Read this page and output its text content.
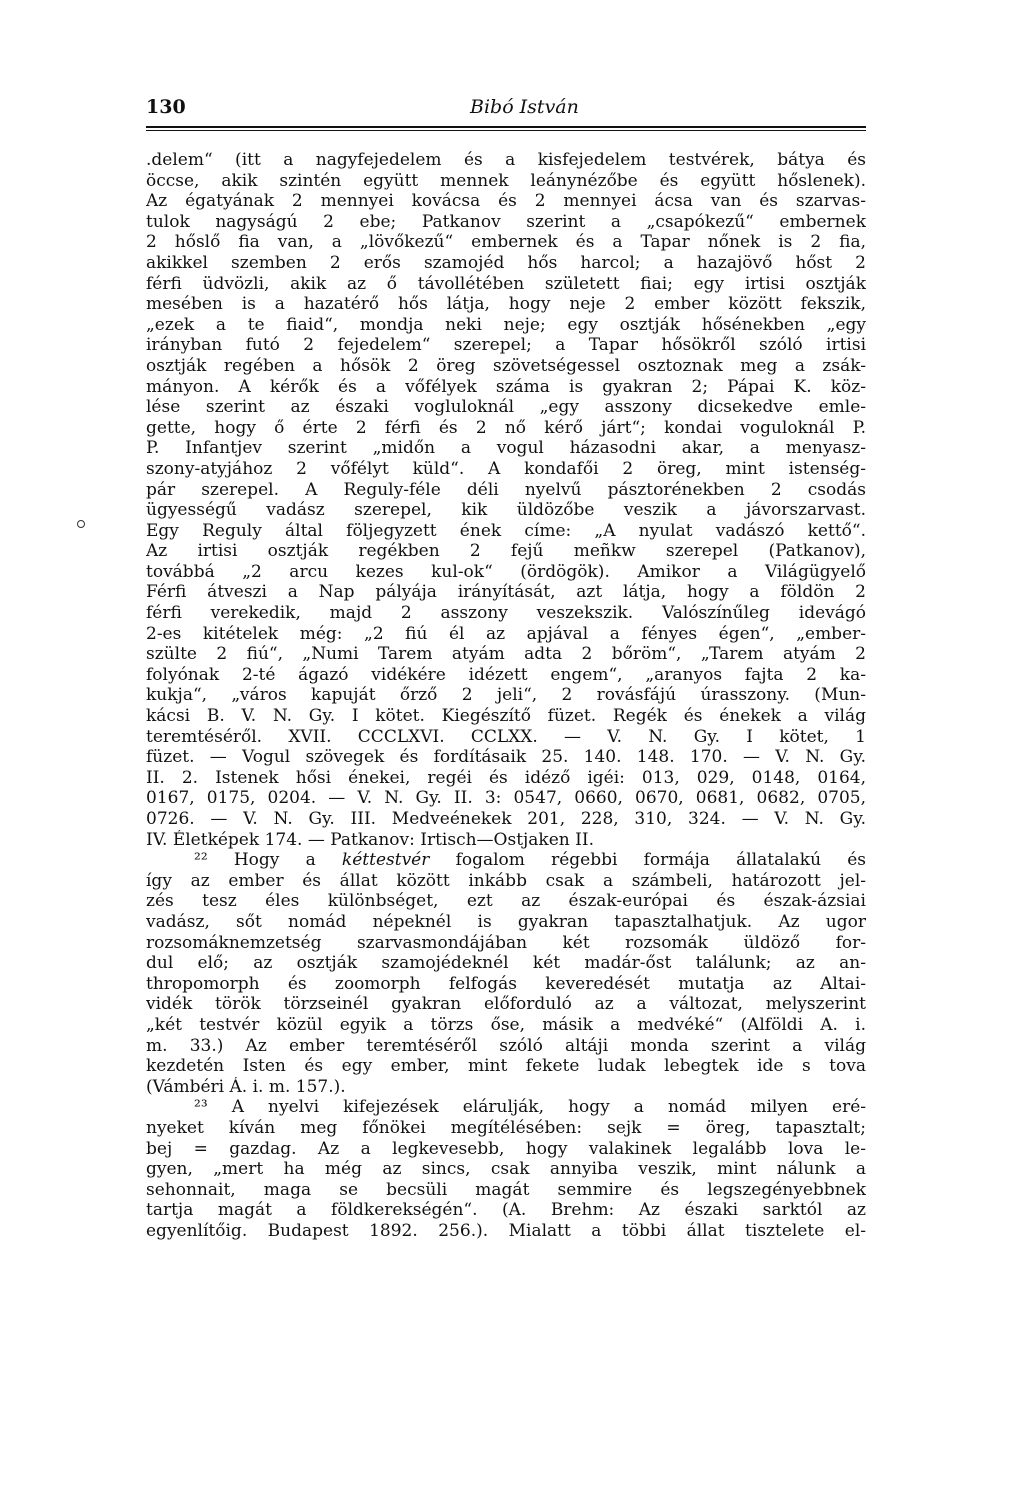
130	Bibó István
.delem“ (itt a nagyfejedelem és a kisfejedelem testvérek, bátya és
öccse, akik szintén együtt mennek leánynézőbe és együtt hőslenek).
Az égatyának 2 mennyei kovácsa és 2 mennyei ácsa van és szarvas-
tulok nagyságú 2 ebe; Patkanov szerint a „csapókezű“ embernek
2 hőslő fia van, a „lövőkezű“ embernek és a Tapar nőnek is 2 fia,
akikkel szemben 2 erős szamojéd hős harcol; a hazajövő hőst 2
férfi üdvözli, akik az ő távollétében született fiai; egy irtisi osztják
mesében is a hazatérő hős látja, hogy neje 2 ember között fekszik,
„ezek a te fiaid“, mondja neki neje; egy osztják hősénekben „egy
irányban futó 2 fejedelem“ szerepel; a Tapar hősökről szóló irtisi
osztják regében a hősök 2 öreg szövetségessel osztoznak meg a zsák-
mányon. A kérők és a vőfélyek száma is gyakran 2; Pápai K. köz-
lése szerint az északi vogluloknál „egy asszony dicsekedve emle-
gette, hogy ő érte 2 férfi és 2 nő kérő járt“; kondai voguloknál P.
P. Infantjev szerint „midőn a vogul házasodni akar, a menyasz-
szony-atyjához 2 vőfélyt küld“. A kondafői 2 öreg, mint istenség-
pár szerepel. A Reguly-féle déli nyelvű pásztorénekben 2 csodás
ügyességű vadász szerepel, kik üldözőbe veszik a jávorszarvast.
Egy Reguly által följegyzett ének címe: „A nyulat vadászó kettő“.
Az irtisi osztják regékben 2 fejű meñkw szerepel (Patkanov),
továbbá „2 arcu kezes kul-ok“ (ördögök). Amikor a Világügyelő
Férfi átveszi a Nap pályája irányítását, azt látja, hogy a földön 2
férfi verekedik, majd 2 asszony veszekszik. Valószínűleg idevágó
2-es kitételek még: „2 fiú él az apjával a fényes égen“, „ember-
szülte 2 fiú“, „Numi Tarem atyám adta 2 bőröm“, „Tarem atyám 2
folyónak 2-té ágazó vidékére idézett engem“, „aranyos fajta 2 ka-
kukja“, „város kapuját őrző 2 jeli“, 2 rovásfájú úrasszony. (Mun-
kácsi B. V. N. Gy. I kötet. Kiegészítő füzet. Regék és énekek a világ
teremtéséről. XVII. CCCLXVI. CCLXX. — V. N. Gy. I kötet, 1
füzet. — Vogul szövegek és fordításaik 25. 140. 148. 170. — V. N. Gy.
II. 2. Istenek hősi énekei, regéi és idéző igéi: 013, 029, 0148, 0164,
0167, 0175, 0204. — V. N. Gy. II. 3: 0547, 0660, 0670, 0681, 0682, 0705,
0726. — V. N. Gy. III. Medveénekek 201, 228, 310, 324. — V. N. Gy.
IV. Életképek 174. — Patkanov: Irtisch—Ostjaken II.
²² Hogy a kéttestvér fogalom régebbi formája állatalakú és
így az ember és állat között inkább csak a számbeli, határozott jel-
zés tesz éles különbséget, ezt az észak-európai és észak-ázsiai
vadász, sőt nomád népeknél is gyakran tapasztalhatjuk. Az ugor
rozsomáknemzetség szarvasmondájában két rozsomák üldöző for-
dul elő; az osztják szamojédeknél két madár-őst találunk; az an-
thropomorph és zoomorph felfogás keveredését mutatja az Altai-
vidék török törzseinél gyakran előforduló az a változat, melyszerint
„két testvér közül egyik a törzs őse, másik a medvéké“ (Alföldi A. i.
m. 33.) Az ember teremtéséről szóló altáji monda szerint a világ
kezdetén Isten és egy ember, mint fekete ludak lebegtek ide s tova
(Vámbéri Á. i. m. 157.).
²³ A nyelvi kifejezések elárulják, hogy a nomád milyen eré-
nyeket kíván meg főnökei megítélésében: sejk = öreg, tapasztalt;
bej = gazdag. Az a legkevesebb, hogy valakinek legalább lova le-
gyen, „mert ha még az sincs, csak annyiba veszik, mint nálunk a
sehonnait, maga se becsüli magát semmire és legszegényebbnek
tartja magát a földkerekségén“. (A. Brehm: Az északi sarktól az
egyenlítőig. Budapest 1892. 256.). Mialatt a többi állat tisztelete el-
